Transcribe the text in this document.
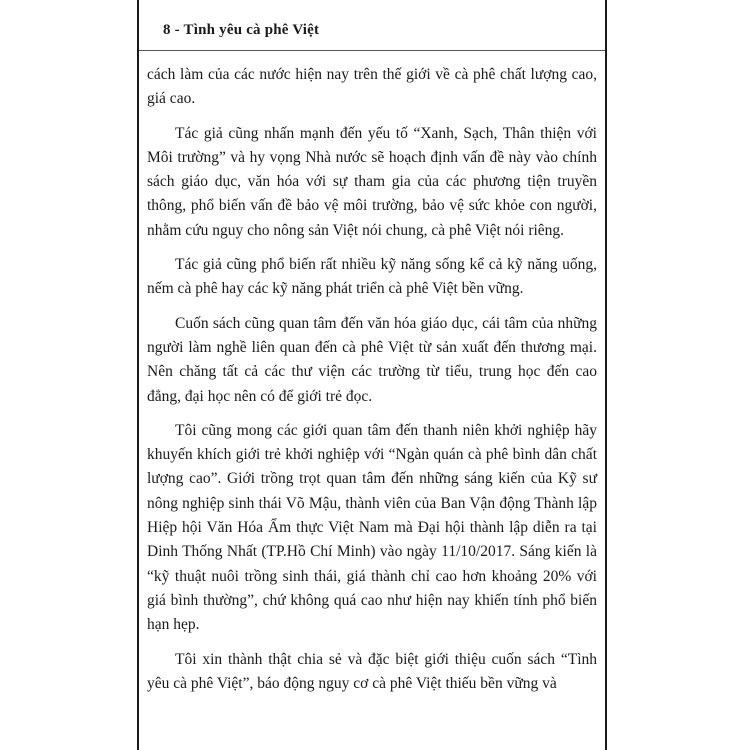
8 - Tình yêu cà phê Việt

cách làm của các nước hiện nay trên thế giới về cà phê chất lượng cao, giá cao.

Tác giả cũng nhấn mạnh đến yếu tố “Xanh, Sạch, Thân thiện với Môi trường” và hy vọng Nhà nước sẽ hoạch định vấn đề này vào chính sách giáo dục, văn hóa với sự tham gia của các phương tiện truyền thông, phổ biến vấn đề bảo vệ môi trường, bảo vệ sức khỏe con người, nhằm cứu nguy cho nông sản Việt nói chung, cà phê Việt nói riêng.

Tác giả cũng phổ biến rất nhiều kỹ năng sống kể cả kỹ năng uống, nếm cà phê hay các kỹ năng phát triển cà phê Việt bền vững.

Cuốn sách cũng quan tâm đến văn hóa giáo dục, cái tâm của những người làm nghề liên quan đến cà phê Việt từ sản xuất đến thương mại. Nên chăng tất cả các thư viện các trường từ tiểu, trung học đến cao đẳng, đại học nên có để giới trẻ đọc.

Tôi cũng mong các giới quan tâm đến thanh niên khởi nghiệp hãy khuyến khích giới trẻ khởi nghiệp với “Ngàn quán cà phê bình dân chất lượng cao”. Giới trồng trọt quan tâm đến những sáng kiến của Kỹ sư nông nghiệp sinh thái Võ Mậu, thành viên của Ban Vận động Thành lập Hiệp hội Văn Hóa Ẩm thực Việt Nam mà Đại hội thành lập diễn ra tại Dinh Thống Nhất (TP.Hồ Chí Minh) vào ngày 11/10/2017. Sáng kiến là “kỹ thuật nuôi trồng sinh thái, giá thành chỉ cao hơn khoảng 20% với giá bình thường”, chứ không quá cao như hiện nay khiến tính phổ biến hạn hẹp.

Tôi xin thành thật chia sẻ và đặc biệt giới thiệu cuốn sách “Tình yêu cà phê Việt”, báo động nguy cơ cà phê Việt thiếu bền vững và
